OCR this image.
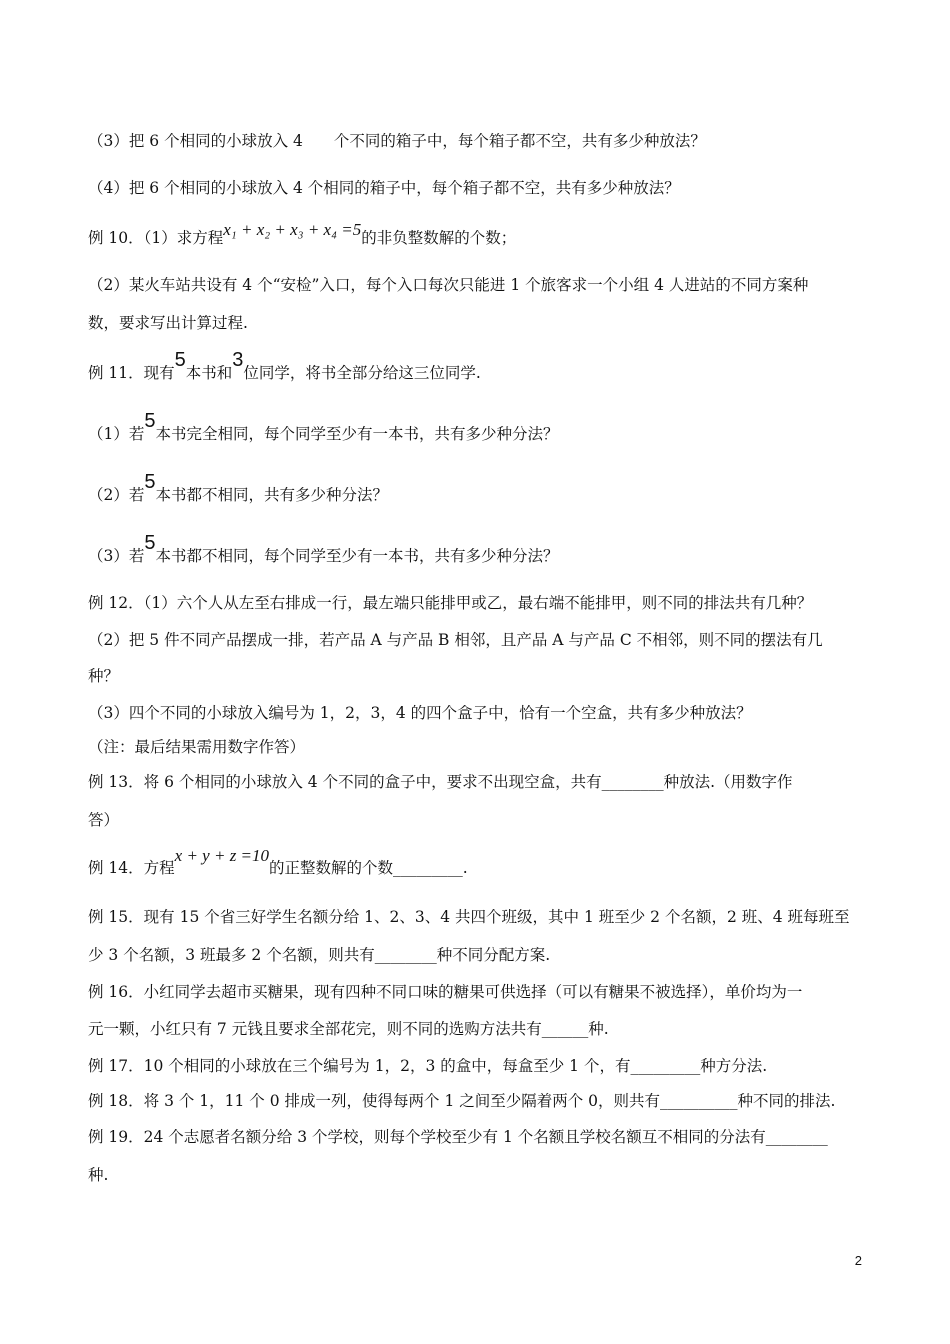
（3）把 6 个相同的小球放入 4　　个不同的箱子中，每个箱子都不空，共有多少种放法？
（4）把 6 个相同的小球放入 4 个相同的箱子中，每个箱子都不空，共有多少种放法？
例 10．（1）求方程x₁ + x₂ + x₃ + x₄ =5的非负整数解的个数；
（2）某火车站共设有 4 个“安检”入口，每个入口每次只能进 1 个旅客求一个小组 4 人进站的不同方案种
数，要求写出计算过程.
例 11．现有5本书和3位同学，将书全部分给这三位同学.
（1）若5本书完全相同，每个同学至少有一本书，共有多少种分法？
（2）若5本书都不相同，共有多少种分法？
（3）若5本书都不相同，每个同学至少有一本书，共有多少种分法？
例 12．（1）六个人从左至右排成一行，最左端只能排甲或乙，最右端不能排甲，则不同的排法共有几种？
（2）把 5 件不同产品摆成一排，若产品 A 与产品 B 相邻，且产品 A 与产品 C 不相邻，则不同的摆法有几
种？
（3）四个不同的小球放入编号为 1，2，3，4 的四个盒子中，恰有一个空盒，共有多少种放法？
（注：最后结果需用数字作答）
例 13．将 6 个相同的小球放入 4 个不同的盒子中，要求不出现空盒，共有________种放法.（用数字作
答）
例 14．方程x + y + z =10的正整数解的个数_________.
例 15．现有 15 个省三好学生名额分给 1、2、3、4 共四个班级，其中 1 班至少 2 个名额，2 班、4 班每班至
少 3 个名额，3 班最多 2 个名额，则共有________种不同分配方案.
例 16．小红同学去超市买糖果，现有四种不同口味的糖果可供选择（可以有糖果不被选择），单价均为一
元一颗，小红只有 7 元钱且要求全部花完，则不同的选购方法共有______种.
例 17．10 个相同的小球放在三个编号为 1，2，3 的盒中，每盒至少 1 个，有_________种方分法.
例 18．将 3 个 1，11 个 0 排成一列，使得每两个 1 之间至少隔着两个 0，则共有__________种不同的排法.
例 19．24 个志愿者名额分给 3 个学校，则每个学校至少有 1 个名额且学校名额互不相同的分法有________
种.
2
